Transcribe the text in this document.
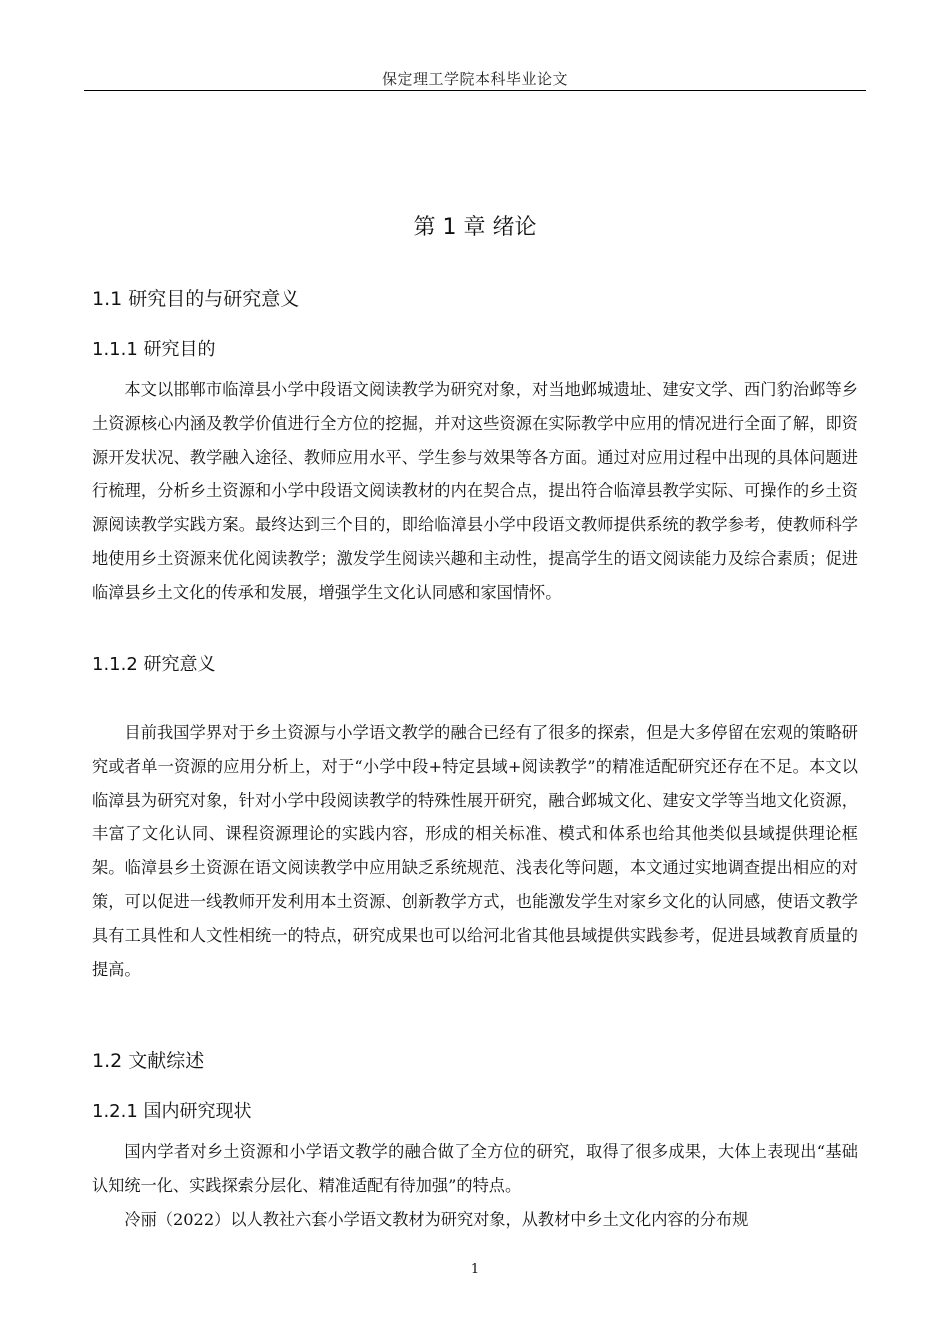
保定理工学院本科毕业论文
第 1 章 绪论
1.1 研究目的与研究意义
1.1.1 研究目的

本文以邯郸市临漳县小学中段语文阅读教学为研究对象，对当地邺城遗址、建安文学、西门豹治邺等乡土资源核心内涵及教学价值进行全方位的挖掘，并对这些资源在实际教学中应用的情况进行全面了解，即资源开发状况、教学融入途径、教师应用水平、学生参与效果等各方面。通过对应用过程中出现的具体问题进行梳理，分析乡土资源和小学中段语文阅读教材的内在契合点，提出符合临漳县教学实际、可操作的乡土资源阅读教学实践方案。最终达到三个目的，即给临漳县小学中段语文教师提供系统的教学参考，使教师科学地使用乡土资源来优化阅读教学；激发学生阅读兴趣和主动性，提高学生的语文阅读能力及综合素质；促进临漳县乡土文化的传承和发展，增强学生文化认同感和家国情怀。

1.1.2 研究意义

目前我国学界对于乡土资源与小学语文教学的融合已经有了很多的探索，但是大多停留在宏观的策略研究或者单一资源的应用分析上，对于“小学中段+特定县域+阅读教学”的精准适配研究还存在不足。本文以临漳县为研究对象，针对小学中段阅读教学的特殊性展开研究，融合邺城文化、建安文学等当地文化资源，丰富了文化认同、课程资源理论的实践内容，形成的相关标准、模式和体系也给其他类似县域提供理论框架。临漳县乡土资源在语文阅读教学中应用缺乏系统规范、浅表化等问题，本文通过实地调查提出相应的对策，可以促进一线教师开发利用本土资源、创新教学方式，也能激发学生对家乡文化的认同感，使语文教学具有工具性和人文性相统一的特点，研究成果也可以给河北省其他县域提供实践参考，促进县域教育质量的提高。

1.2 文献综述
1.2.1 国内研究现状

国内学者对乡土资源和小学语文教学的融合做了全方位的研究，取得了很多成果，大体上表现出“基础认知统一化、实践探索分层化、精准适配有待加强”的特点。

冷丽（2022）以人教社六套小学语文教材为研究对象，从教材中乡土文化内容的分布规

1
